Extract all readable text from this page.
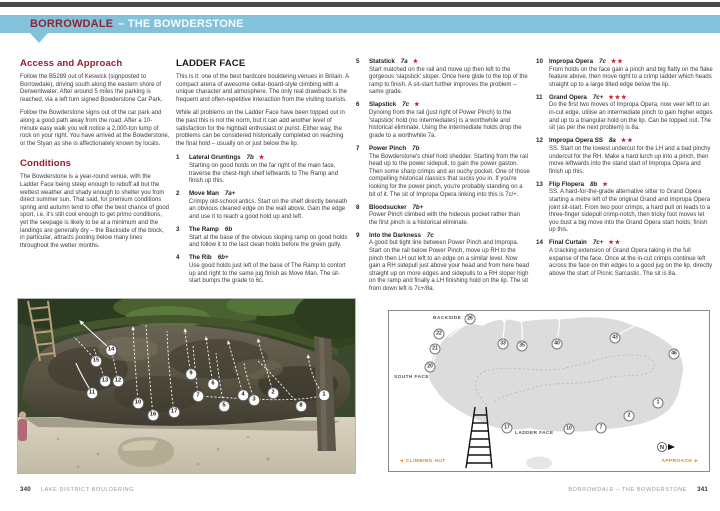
BORROWDALE – THE BOWDERSTONE
Access and Approach

Follow the B5289 out of Keswick (signposted to Borrowdale), driving south along the eastern shore of Derwentwater. After around 5 miles the parking is reached, via a left turn signed Bowderstone Car Park.

Follow the Bowderstone signs out of the car park and along a good path away from the road. After a 10-minute easy walk you will notice a 2,000-ton lump of rock on your right. You have arrived at the Bowderstone, or the Styan as she is affectionately known by locals.

Conditions

The Bowderstone is a year-round venue, with the Ladder Face being steep enough to rebuff all but the wettest weather and shady enough to shelter you from direct summer sun. That said, for premium conditions spring and autumn tend to offer the best chance of good sport, i.e. it's still cool enough to get primo conditions, yet the seepage is likely to be at a minimum and the landings are generally dry – the Backside of the block, in particular, attracts pooling below many lines throughout the wetter months.

LADDER FACE

This is it: one of the best hardcore bouldering venues in Britain. A compact arena of awesome cellar-board-style climbing with a unique character and atmosphere. The only real drawback is the frequent and often-repetitive interaction from the visiting tourists.

While all problems on the Ladder Face have been topped out in the past this is not the norm, but it can add another level of satisfaction for the highball enthusiast or purist. Either way, the problems can be considered historically completed on reaching the final hold – usually on or just below the lip.

1	Lateral Gruntings 7b ★
Starting on good holds on the far right of the main face, traverse the chest-high shelf leftwards to The Ramp and finish up this.
2	Move Man 7a+
Crimpy old-school antics. Start on the shelf directly beneath an obvious cleaned edge on the wall above. Gain the edge and use it to reach a good hold up and left.
3	The Ramp 6b
Start at the base of the obvious sloping ramp on good holds and follow it to the last clean holds before the green gully.
4	The Rib 6b+
Use good holds just left of the base of The Ramp to contort up and right to the same jug finish as Move Man. The sit-start bumps the grade to 6c.
5	Statstick 7a ★
Start matched on the rail and move up then left to the gorgeous 'slapstick' sloper. Once here glide to the top of the ramp to finish. A sit-start further improves the problem – same grade.
6	Slapstick 7c ★
Dynoing from the rail (just right of Power Pinch) to the 'slapstick' hold (no intermediates) is a worthwhile and historical eliminate. Using the intermediate holds drop the grade to a worthwhile 7a.
7	Power Pinch 7b
The Bowderstone's chief hold shedder. Starting from the rail head up to the power sidepull, to gain the power gaston. Then some sharp crimps and an ouchy pocket. One of those compelling historical classics that sucks you in. If you're looking for the power pinch, you're probably standing on a bit of it. The sit of Impropa Opera linking into this is 7c/+.
8	Bloodsucker 7b+
Power Pinch climbed with the hideous pocket rather than the first pinch is a historical eliminate.
9	Into the Darkness 7c
A good but tight line between Power Pinch and Impropa. Start on the rail below Power Pinch, move up RH to the pinch then LH out left to an edge on a similar level. Now gain a RH sidepull just above your head and from here head straight up on more edges and sidepulls to a RH sloper high on the ramp and finally a LH finishing hold on the lip. The sit from down left is 7c+/8a.
10 Impropa Opera 7c ★★
From holds on the face gain a pinch and big flatty on the flake feature above, then move right to a crimp ladder which heads straight up to a large tilted edge below the lip.
11	Grand Opera 7c+ ★★★
Do the first two moves of Impropa Opera, now veer left to an in-cut edge, utilise an intermediate pinch to gain higher edges and up to a triangular hold on the lip. Can be topped out. The sit (as per the next problem) is 8a.
12 Impropa Opera SS 8a ★★
SS. Start on the lowest undercut for the LH and a bad pinchy undercut for the RH. Make a hard lurch up into a pinch, then move leftwards into the stand start of Impropa Opera and finish up this.
13 Flip Flopera 8b ★
SS. A hard-for-the-grade alternative sitter to Grand Opera starting a metre left of the original Grand and Impropa Opera joint sit-start. From two poor crimps, a hard pull on leads to a three-finger sidepull crimp-notch, then tricky foot moves let you bust a big move into the Grand Opera start holds; finish up this.
14 Final Curtain 7c+ ★★
A cracking extension of Grand Opera taking in the full expanse of the face. Once at the in-cut crimps continue left across the face on thin edges to a good jug on the lip, directly above the start of Picnic Sarcastic. The sit is 8a.
1
2
3
4
5
6
7
8
9
10
11
12
13
14
15
16	17
N
BACKSIDE
SOUTH FACE
LADDER FACE
◄ CLIMBING HUT	APPROACH ►
20
21
22
26
33	35	40
43
46
17	10	7
2
1
340 LAKE DISTRICT BOULDERING	BORROWDALE – THE BOWDERSTONE 341
